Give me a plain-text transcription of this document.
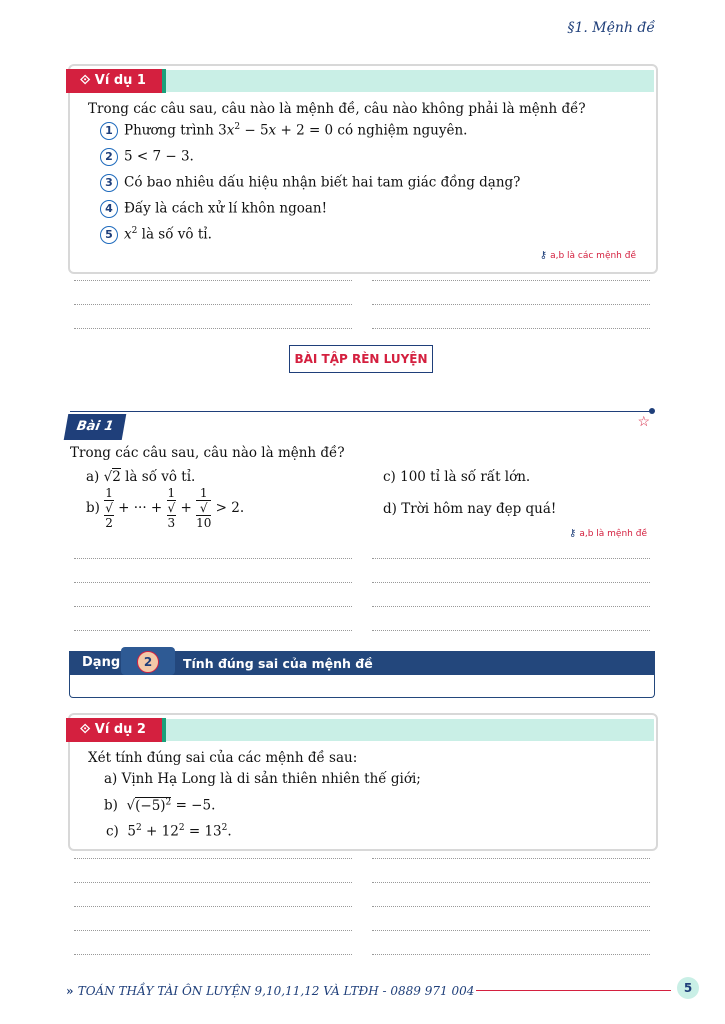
§1. Mệnh đề
⟐ Ví dụ 1
Trong các câu sau, câu nào là mệnh đề, câu nào không phải là mệnh đề?
1 Phương trình $3x^2 - 5x + 2 = 0$ có nghiệm nguyên.
2 5 < 7 − 3.
3 Có bao nhiêu dấu hiệu nhận biết hai tam giác đồng dạng?
4 Đấy là cách xử lí khôn ngoan!
5 $x^2$ là số vô tỉ.
⚷ a,b là các mệnh đề
BÀI TẬP RÈN LUYỆN
Bài 1	☆
Trong các câu sau, câu nào là mệnh đề?
a) √2 là số vô tỉ.
b) 1
√
2 + ··· + 1
√
3 + 1
√
10 > 2.
c) 100 tỉ là số rất lớn.
d) Trời hôm nay đẹp quá!
⚷ a,b là mệnh đề
Dạng	2	Tính đúng sai của mệnh đề
⟐ Ví dụ 2
Xét tính đúng sai của các mệnh đề sau:
a) Vịnh Hạ Long là di sản thiên nhiên thế giới;
b)  $√(-5)^2 = -5$.
c)  $5^2 + 12^2 = 13^2$.
» TOÁN THẦY TÀI ÔN LUYỆN 9,10,11,12 VÀ LTĐH - 0889 971 004	5
